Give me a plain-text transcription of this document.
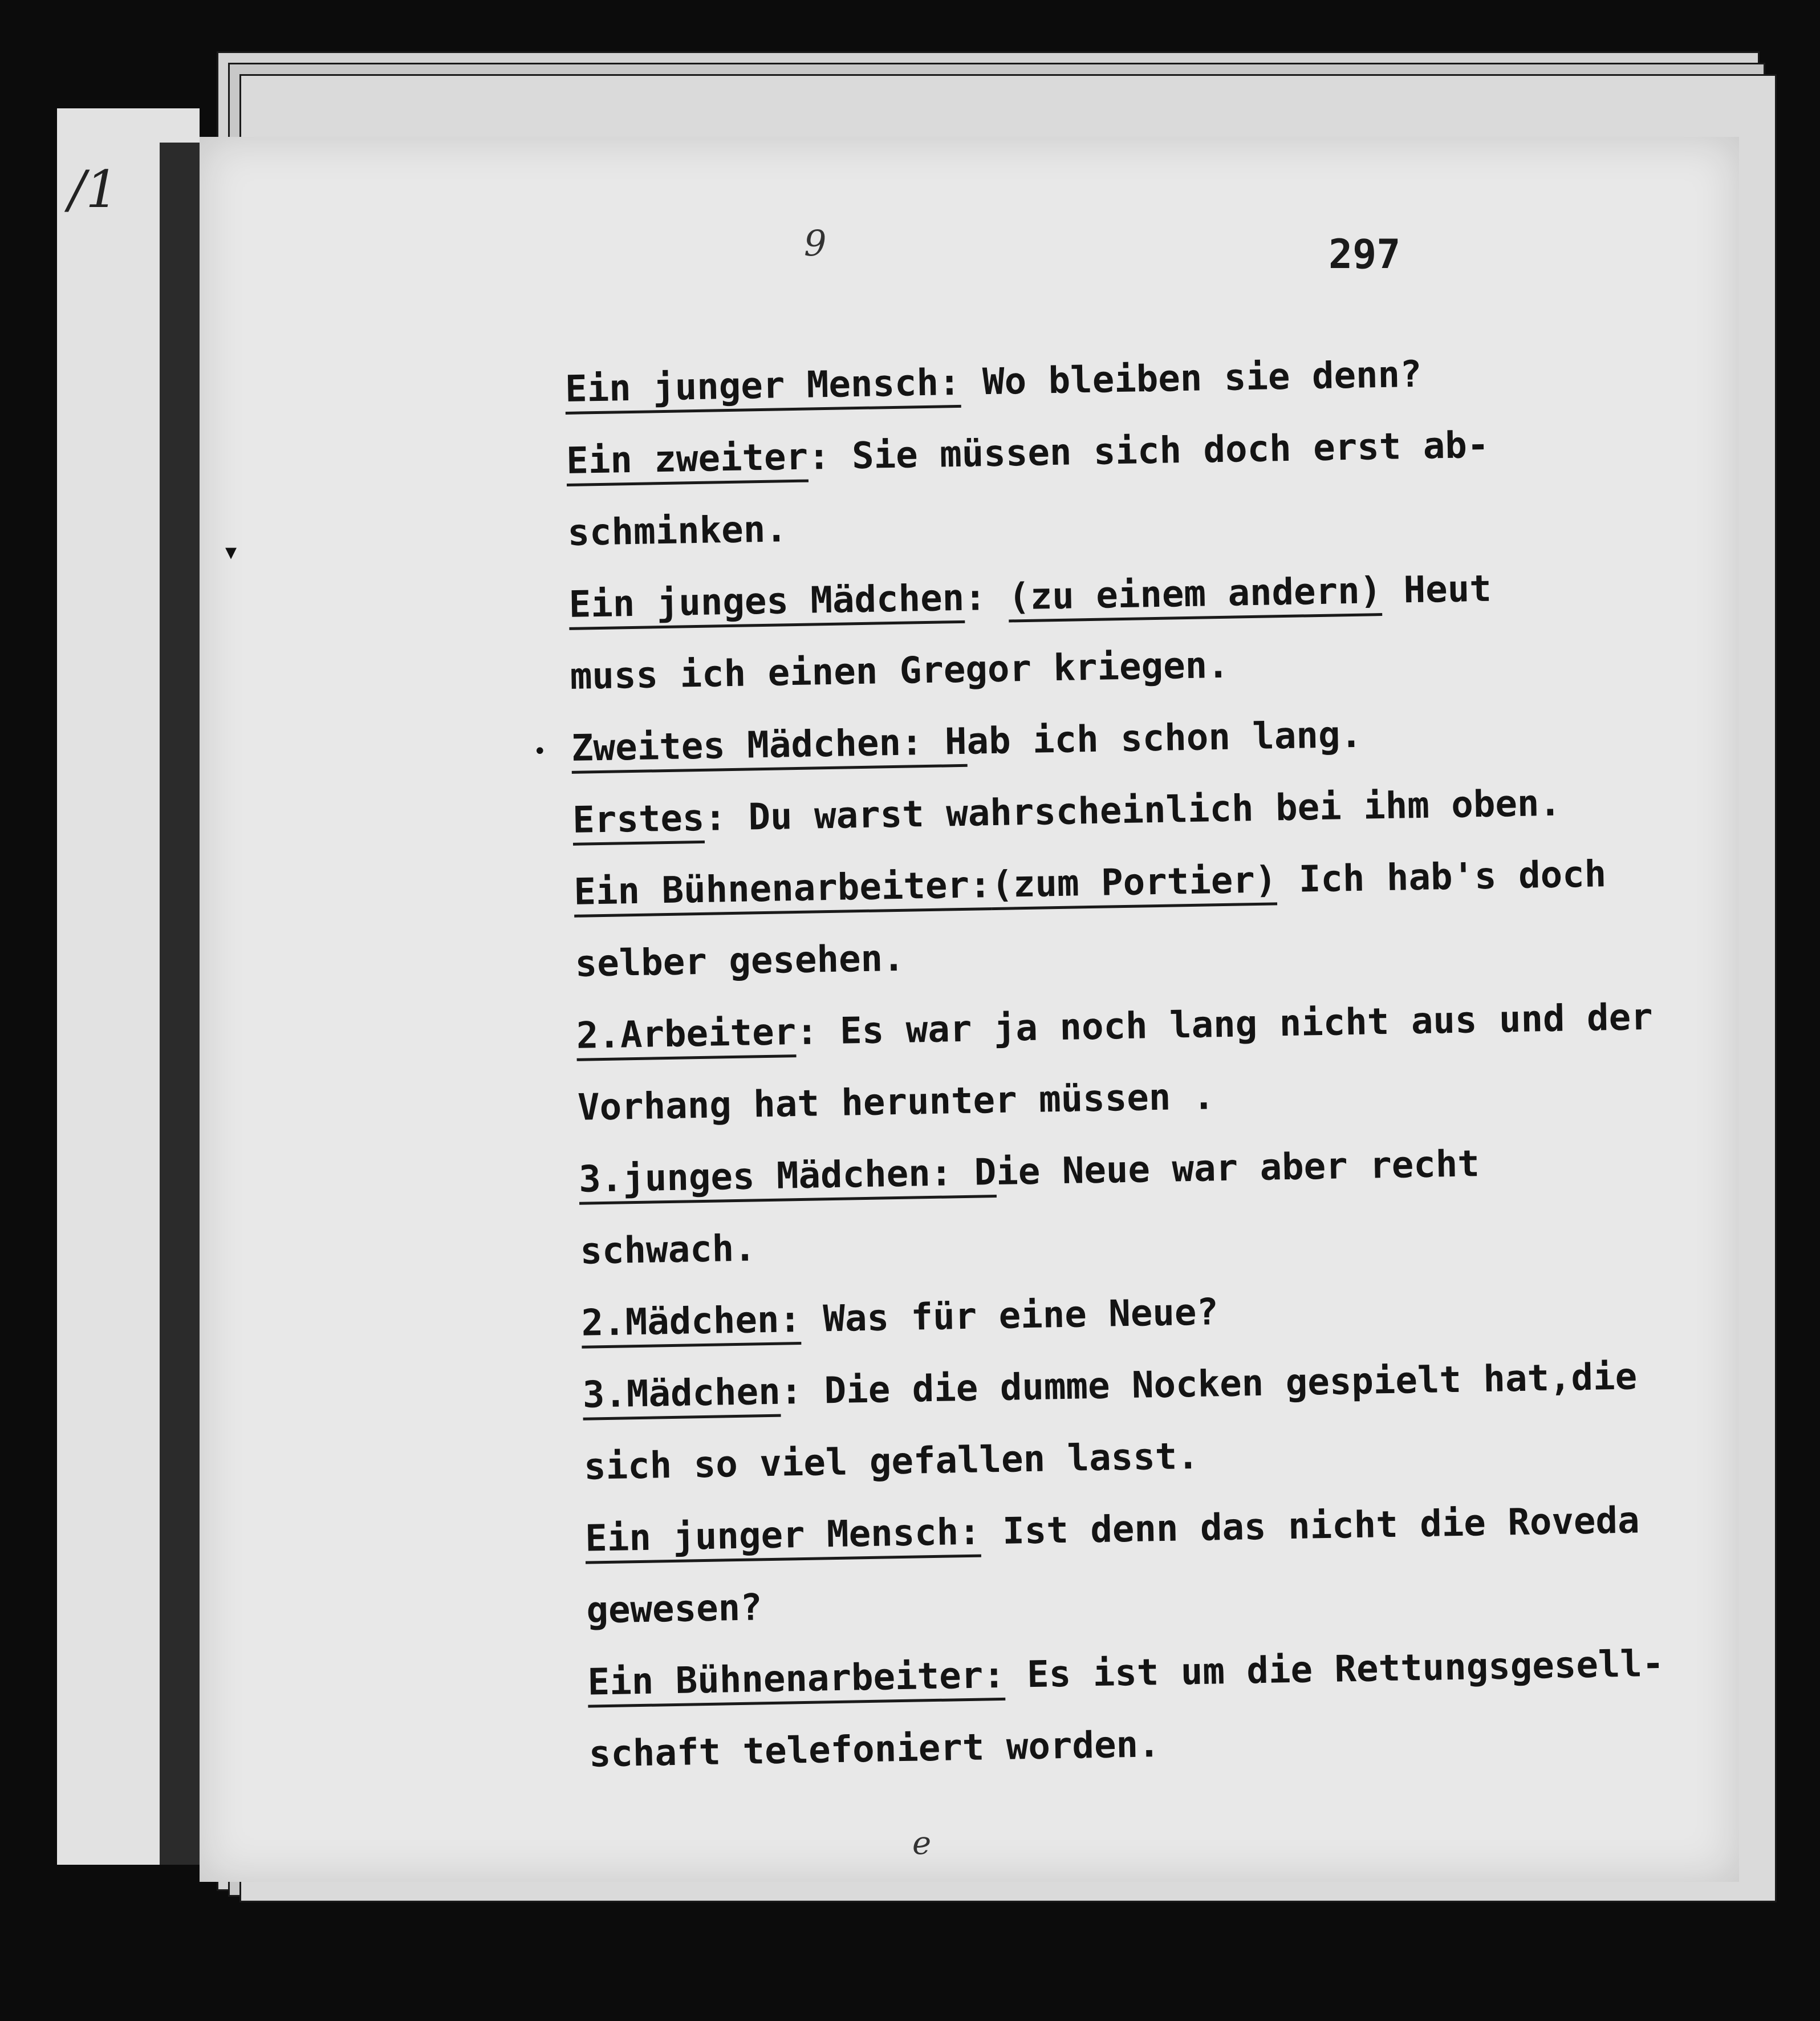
/1
9	297
Ein junger Mensch: Wo bleiben sie denn?
Ein zweiter: Sie müssen sich doch erst ab-
schminken.
Ein junges Mädchen: (zu einem andern) Heut
muss ich einen Gregor kriegen.
Zweites Mädchen: Hab ich schon lang.
Erstes: Du warst wahrscheinlich bei ihm oben.
Ein Bühnenarbeiter:(zum Portier) Ich hab's doch
selber gesehen.
2.Arbeiter: Es war ja noch lang nicht aus und der
Vorhang hat herunter müssen .
3.junges Mädchen: Die Neue war aber recht
schwach.
2.Mädchen: Was für eine Neue?
3.Mädchen: Die die dumme Nocken gespielt hat,die
sich so viel gefallen lasst.
Ein junger Mensch: Ist denn das nicht die Roveda
gewesen?
Ein Bühnenarbeiter: Es ist um die Rettungsgesell-
schaft telefoniert worden.
e
▾
•
